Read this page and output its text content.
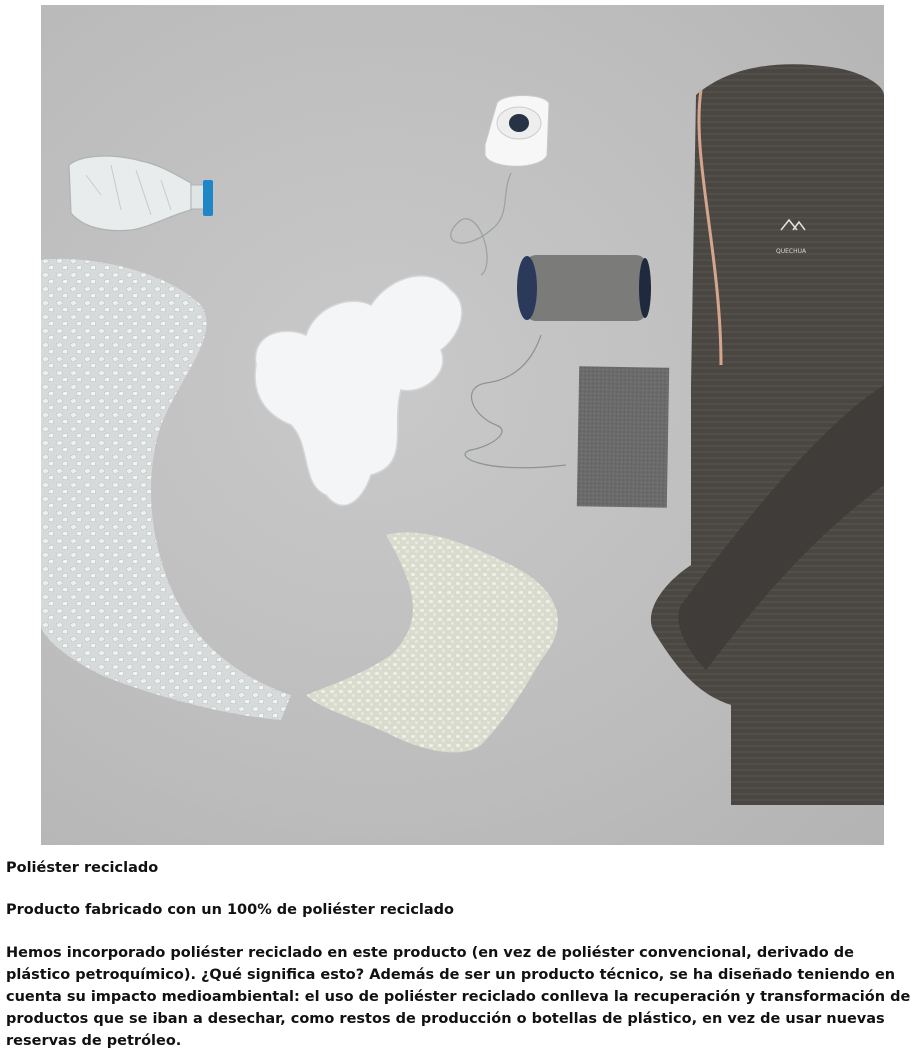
QUECHUA

Poliéster reciclado

Producto fabricado con un 100% de poliéster reciclado

Hemos incorporado poliéster reciclado en este producto (en vez de poliéster convencional, derivado de plástico petroquímico). ¿Qué significa esto? Además de ser un producto técnico, se ha diseñado teniendo en cuenta su impacto medioambiental: el uso de poliéster reciclado conlleva la recuperación y transformación de productos que se iban a desechar, como restos de producción o botellas de plástico, en vez de usar nuevas reservas de petróleo.
